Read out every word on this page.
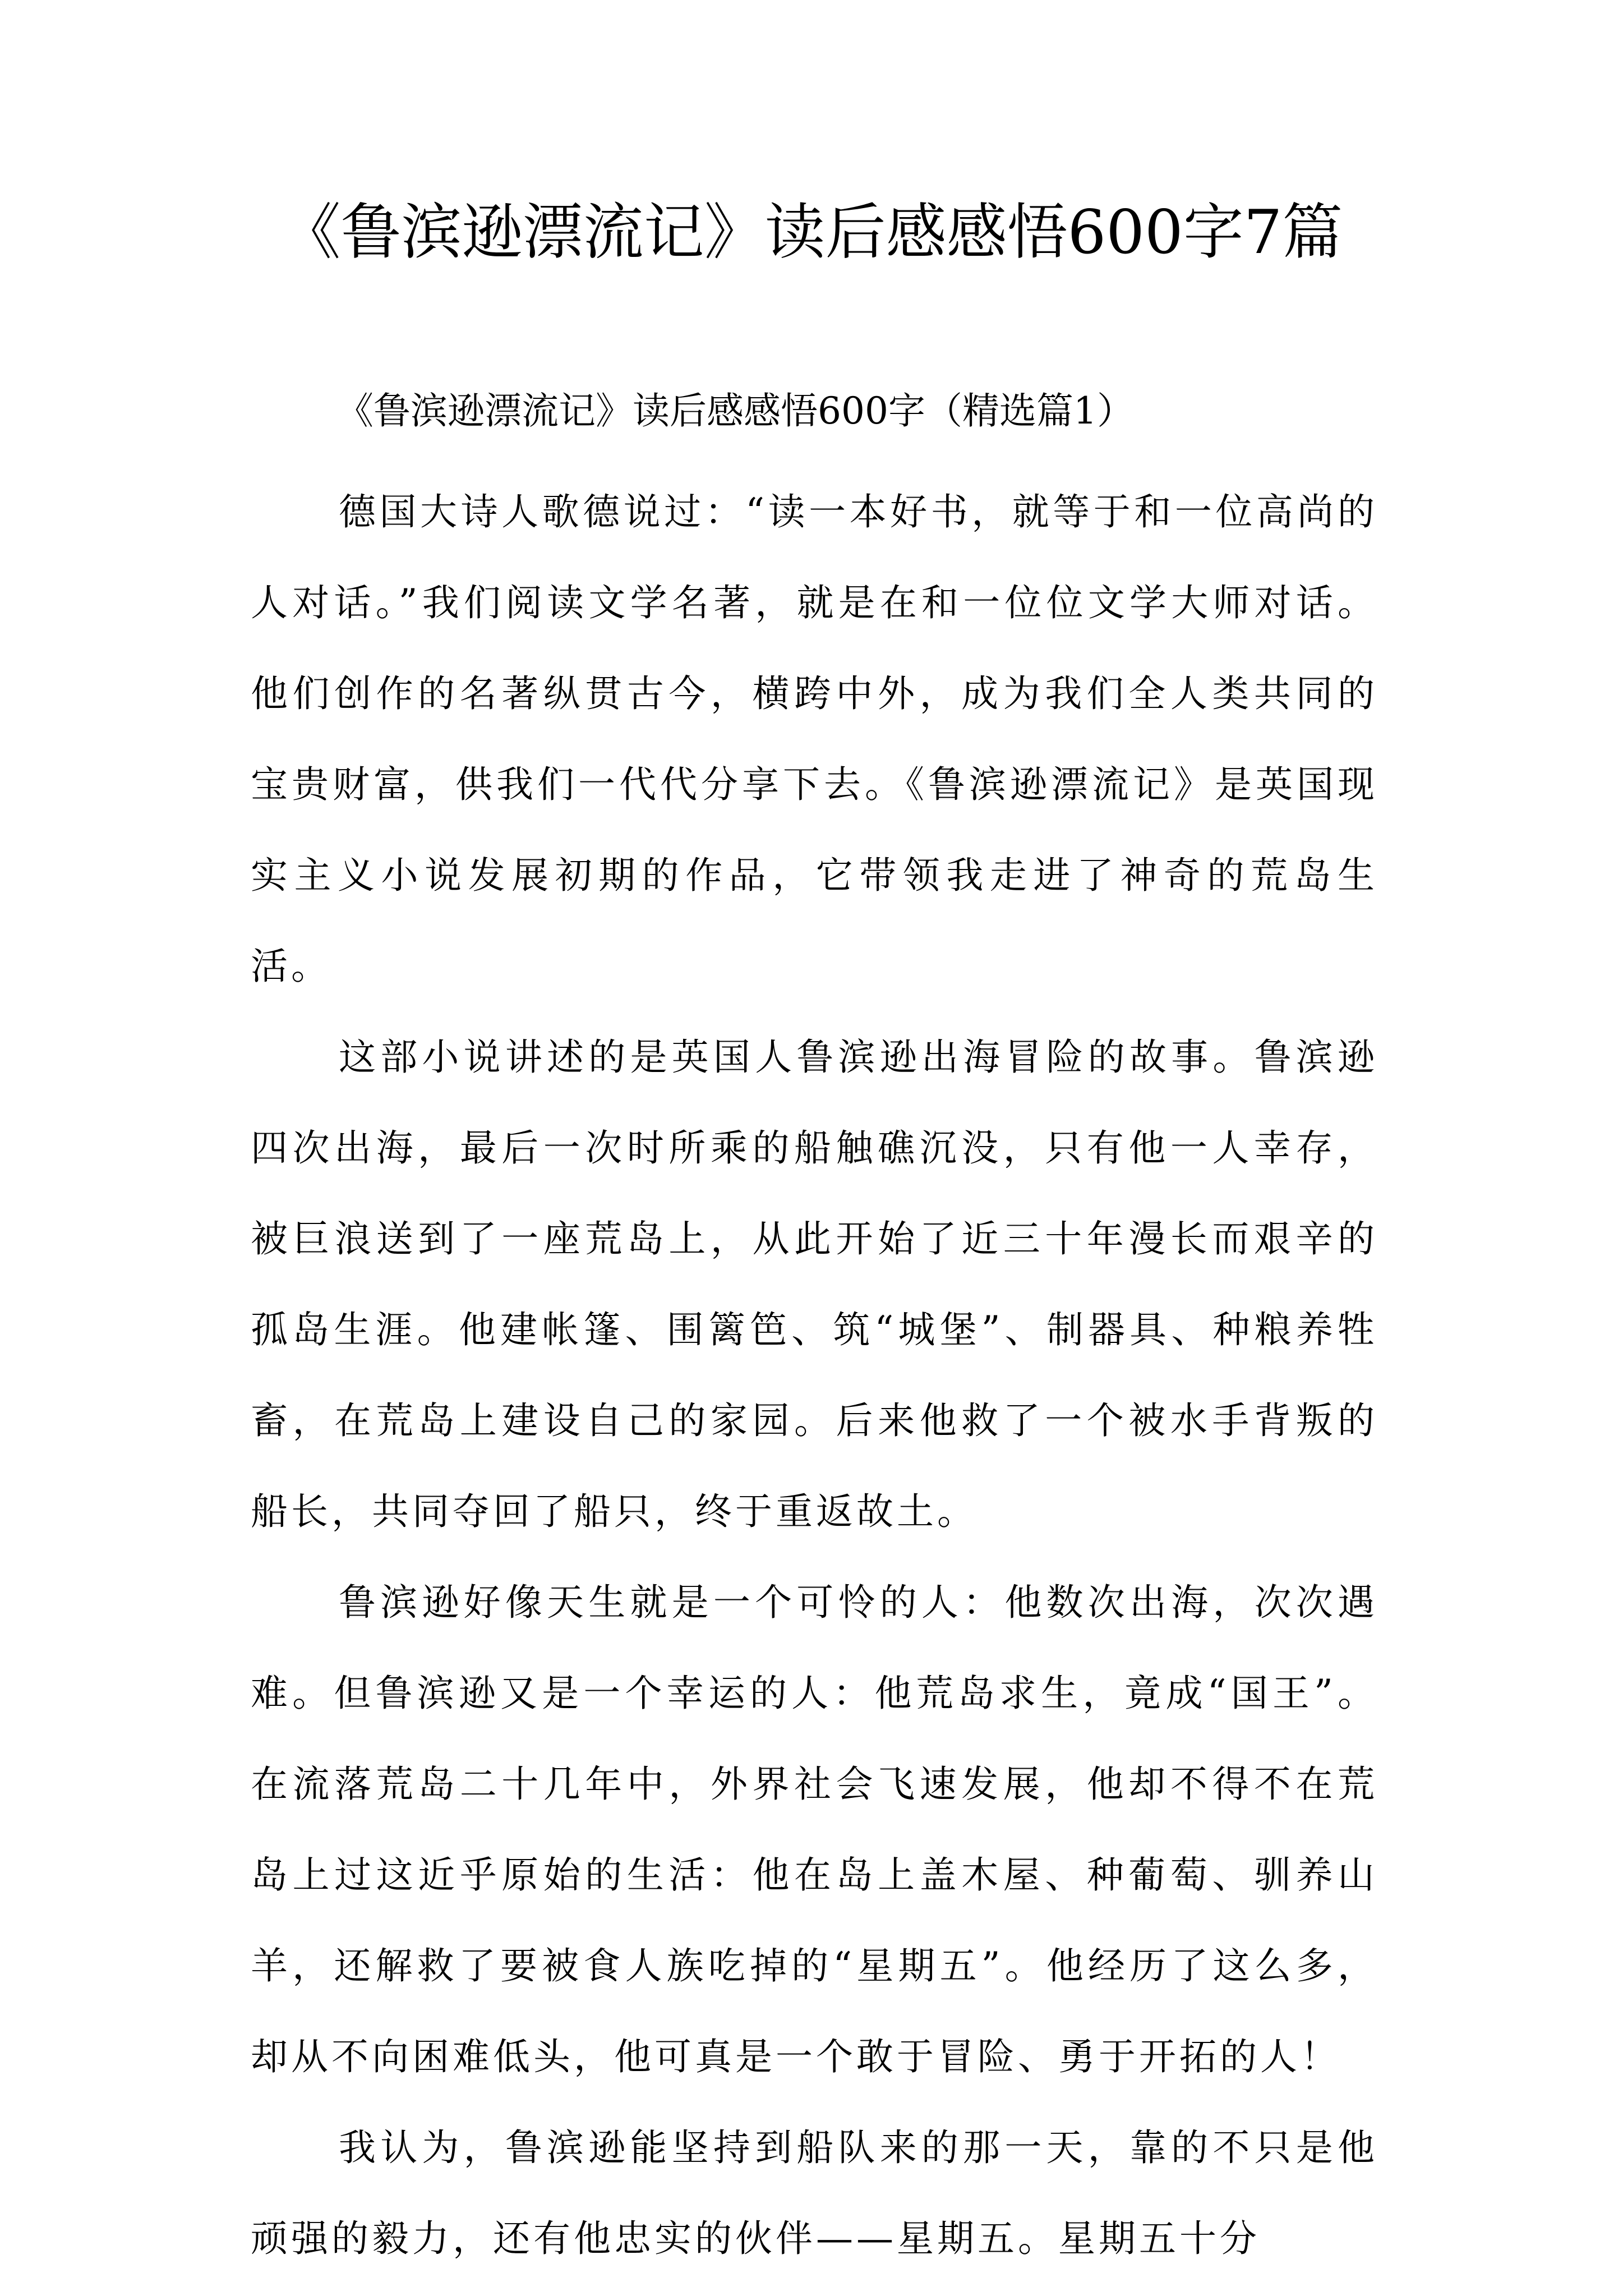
《鲁滨逊漂流记》读后感感悟600字7篇

《鲁滨逊漂流记》读后感感悟600字（精选篇1）

德国大诗人歌德说过：“读一本好书，就等于和一位高尚的人对话。”我们阅读文学名著，就是在和一位位文学大师对话。他们创作的名著纵贯古今，横跨中外，成为我们全人类共同的宝贵财富，供我们一代代分享下去。《鲁滨逊漂流记》是英国现实主义小说发展初期的作品，它带领我走进了神奇的荒岛生活。

这部小说讲述的是英国人鲁滨逊出海冒险的故事。鲁滨逊四次出海，最后一次时所乘的船触礁沉没，只有他一人幸存，被巨浪送到了一座荒岛上，从此开始了近三十年漫长而艰辛的孤岛生涯。他建帐篷、围篱笆、筑“城堡”、制器具、种粮养牲畜，在荒岛上建设自己的家园。后来他救了一个被水手背叛的船长，共同夺回了船只，终于重返故土。

鲁滨逊好像天生就是一个可怜的人：他数次出海，次次遇难。但鲁滨逊又是一个幸运的人：他荒岛求生，竟成“国王”。在流落荒岛二十几年中，外界社会飞速发展，他却不得不在荒岛上过这近乎原始的生活：他在岛上盖木屋、种葡萄、驯养山羊，还解救了要被食人族吃掉的“星期五”。他经历了这么多，却从不向困难低头，他可真是一个敢于冒险、勇于开拓的人！

我认为，鲁滨逊能坚持到船队来的那一天，靠的不只是他顽强的毅力，还有他忠实的伙伴——星期五。星期五十分
